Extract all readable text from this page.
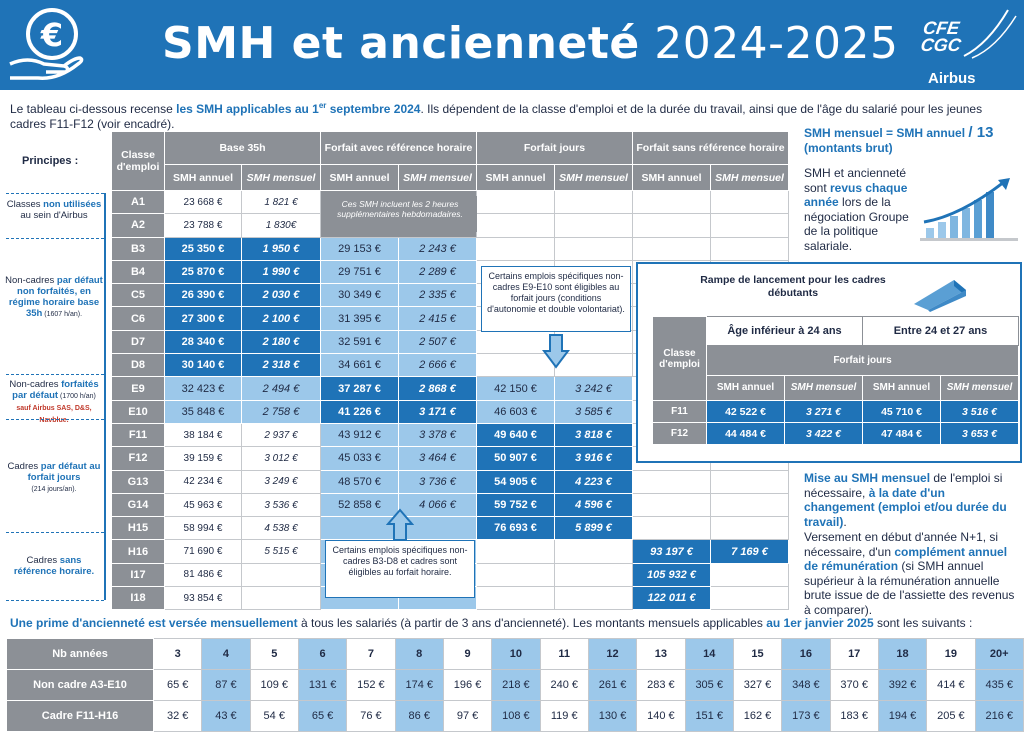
€ SMH et ancienneté 2024-2025 CFE
CGC
Airbus
Le tableau ci-dessous recense les SMH applicables au 1er septembre 2024. Ils dépendent de la classe d'emploi et de la durée du travail, ainsi que de l'âge du salarié pour les jeunes cadres F11-F12 (voir encadré).
Principes :
Classes non utilisées au sein d'Airbus
Non-cadres par défaut non forfaités, en régime horaire base 35h (1607 h/an).
Non-cadres forfaités par défaut (1700 h/an)
sauf Airbus SAS, D&S, Navblue.
Cadres par défaut au forfait jours
(214 jours/an).
Cadres sans référence horaire.
Classe d'emploi	Base 35h		Forfait avec référence horaire		Forfait jours		Forfait sans référence horaire	
	SMH annuel	SMH mensuel	SMH annuel	SMH mensuel	SMH annuel	SMH mensuel	SMH annuel	SMH mensuel
A1	23 668 €	1 821 €						
A2	23 788 €	1 830€						
B3	25 350 €	1 950 €	29 153 €	2 243 €				
B4	25 870 €	1 990 €	29 751 €	2 289 €				
C5	26 390 €	2 030 €	30 349 €	2 335 €				
C6	27 300 €	2 100 €	31 395 €	2 415 €				
D7	28 340 €	2 180 €	32 591 €	2 507 €				
D8	30 140 €	2 318 €	34 661 €	2 666 €				
E9	32 423 €	2 494 €	37 287 €	2 868 €	42 150 €	3 242 €		
E10	35 848 €	2 758 €	41 226 €	3 171 €	46 603 €	3 585 €		
F11	38 184 €	2 937 €	43 912 €	3 378 €	49 640 €	3 818 €		
F12	39 159 €	3 012 €	45 033 €	3 464 €	50 907 €	3 916 €		
G13	42 234 €	3 249 €	48 570 €	3 736 €	54 905 €	4 223 €		
G14	45 963 €	3 536 €	52 858 €	4 066 €	59 752 €	4 596 €		
H15	58 994 €	4 538 €			76 693 €	5 899 €		
H16	71 690 €	5 515 €					93 197 €	7 169 €
I17	81 486 €						105 932 €	
I18	93 854 €						122 011 €	
Ces SMH incluent les 2 heures supplémentaires hebdomadaires.
Certains emplois spécifiques non-cadres E9-E10 sont éligibles au forfait jours (conditions d'autonomie et double volontariat).
Certains emplois spécifiques non-cadres B3-D8 et cadres sont éligibles au forfait horaire.
SMH mensuel = SMH annuel / 13
(montants brut)
SMH et ancienneté sont revus chaque année lors de la négociation Groupe de la politique salariale.
Rampe de lancement pour les cadres débutants
Classe d'emploi	Âge inférieur à 24 ans		Entre 24 et 27 ans	
	Forfait jours			
	SMH annuel	SMH mensuel	SMH annuel	SMH mensuel
F11	42 522 €	3 271 €	45 710 €	3 516 €
F12	44 484 €	3 422 €	47 484 €	3 653 €
Mise au SMH mensuel de l'emploi si nécessaire, à la date d'un changement (emploi et/ou durée du travail).
Versement en début d'année N+1, si nécessaire, d'un complément annuel de rémunération (si SMH annuel supérieur à la rémunération annuelle brute issue de de l'assiette des revenus à comparer).
Une prime d'ancienneté est versée mensuellement à tous les salariés (à partir de 3 ans d'ancienneté). Les montants mensuels applicables au 1er janvier 2025 sont les suivants :
Nb années	3	4	5	6	7	8	9	10	11	12	13	14	15	16	17	18	19	20+
Non cadre A3-E10	65 €	87 €	109 €	131 €	152 €	174 €	196 €	218 €	240 €	261 €	283 €	305 €	327 €	348 €	370 €	392 €	414 €	435 €
Cadre F11-H16	32 €	43 €	54 €	65 €	76 €	86 €	97 €	108 €	119 €	130 €	140 €	151 €	162 €	173 €	183 €	194 €	205 €	216 €
